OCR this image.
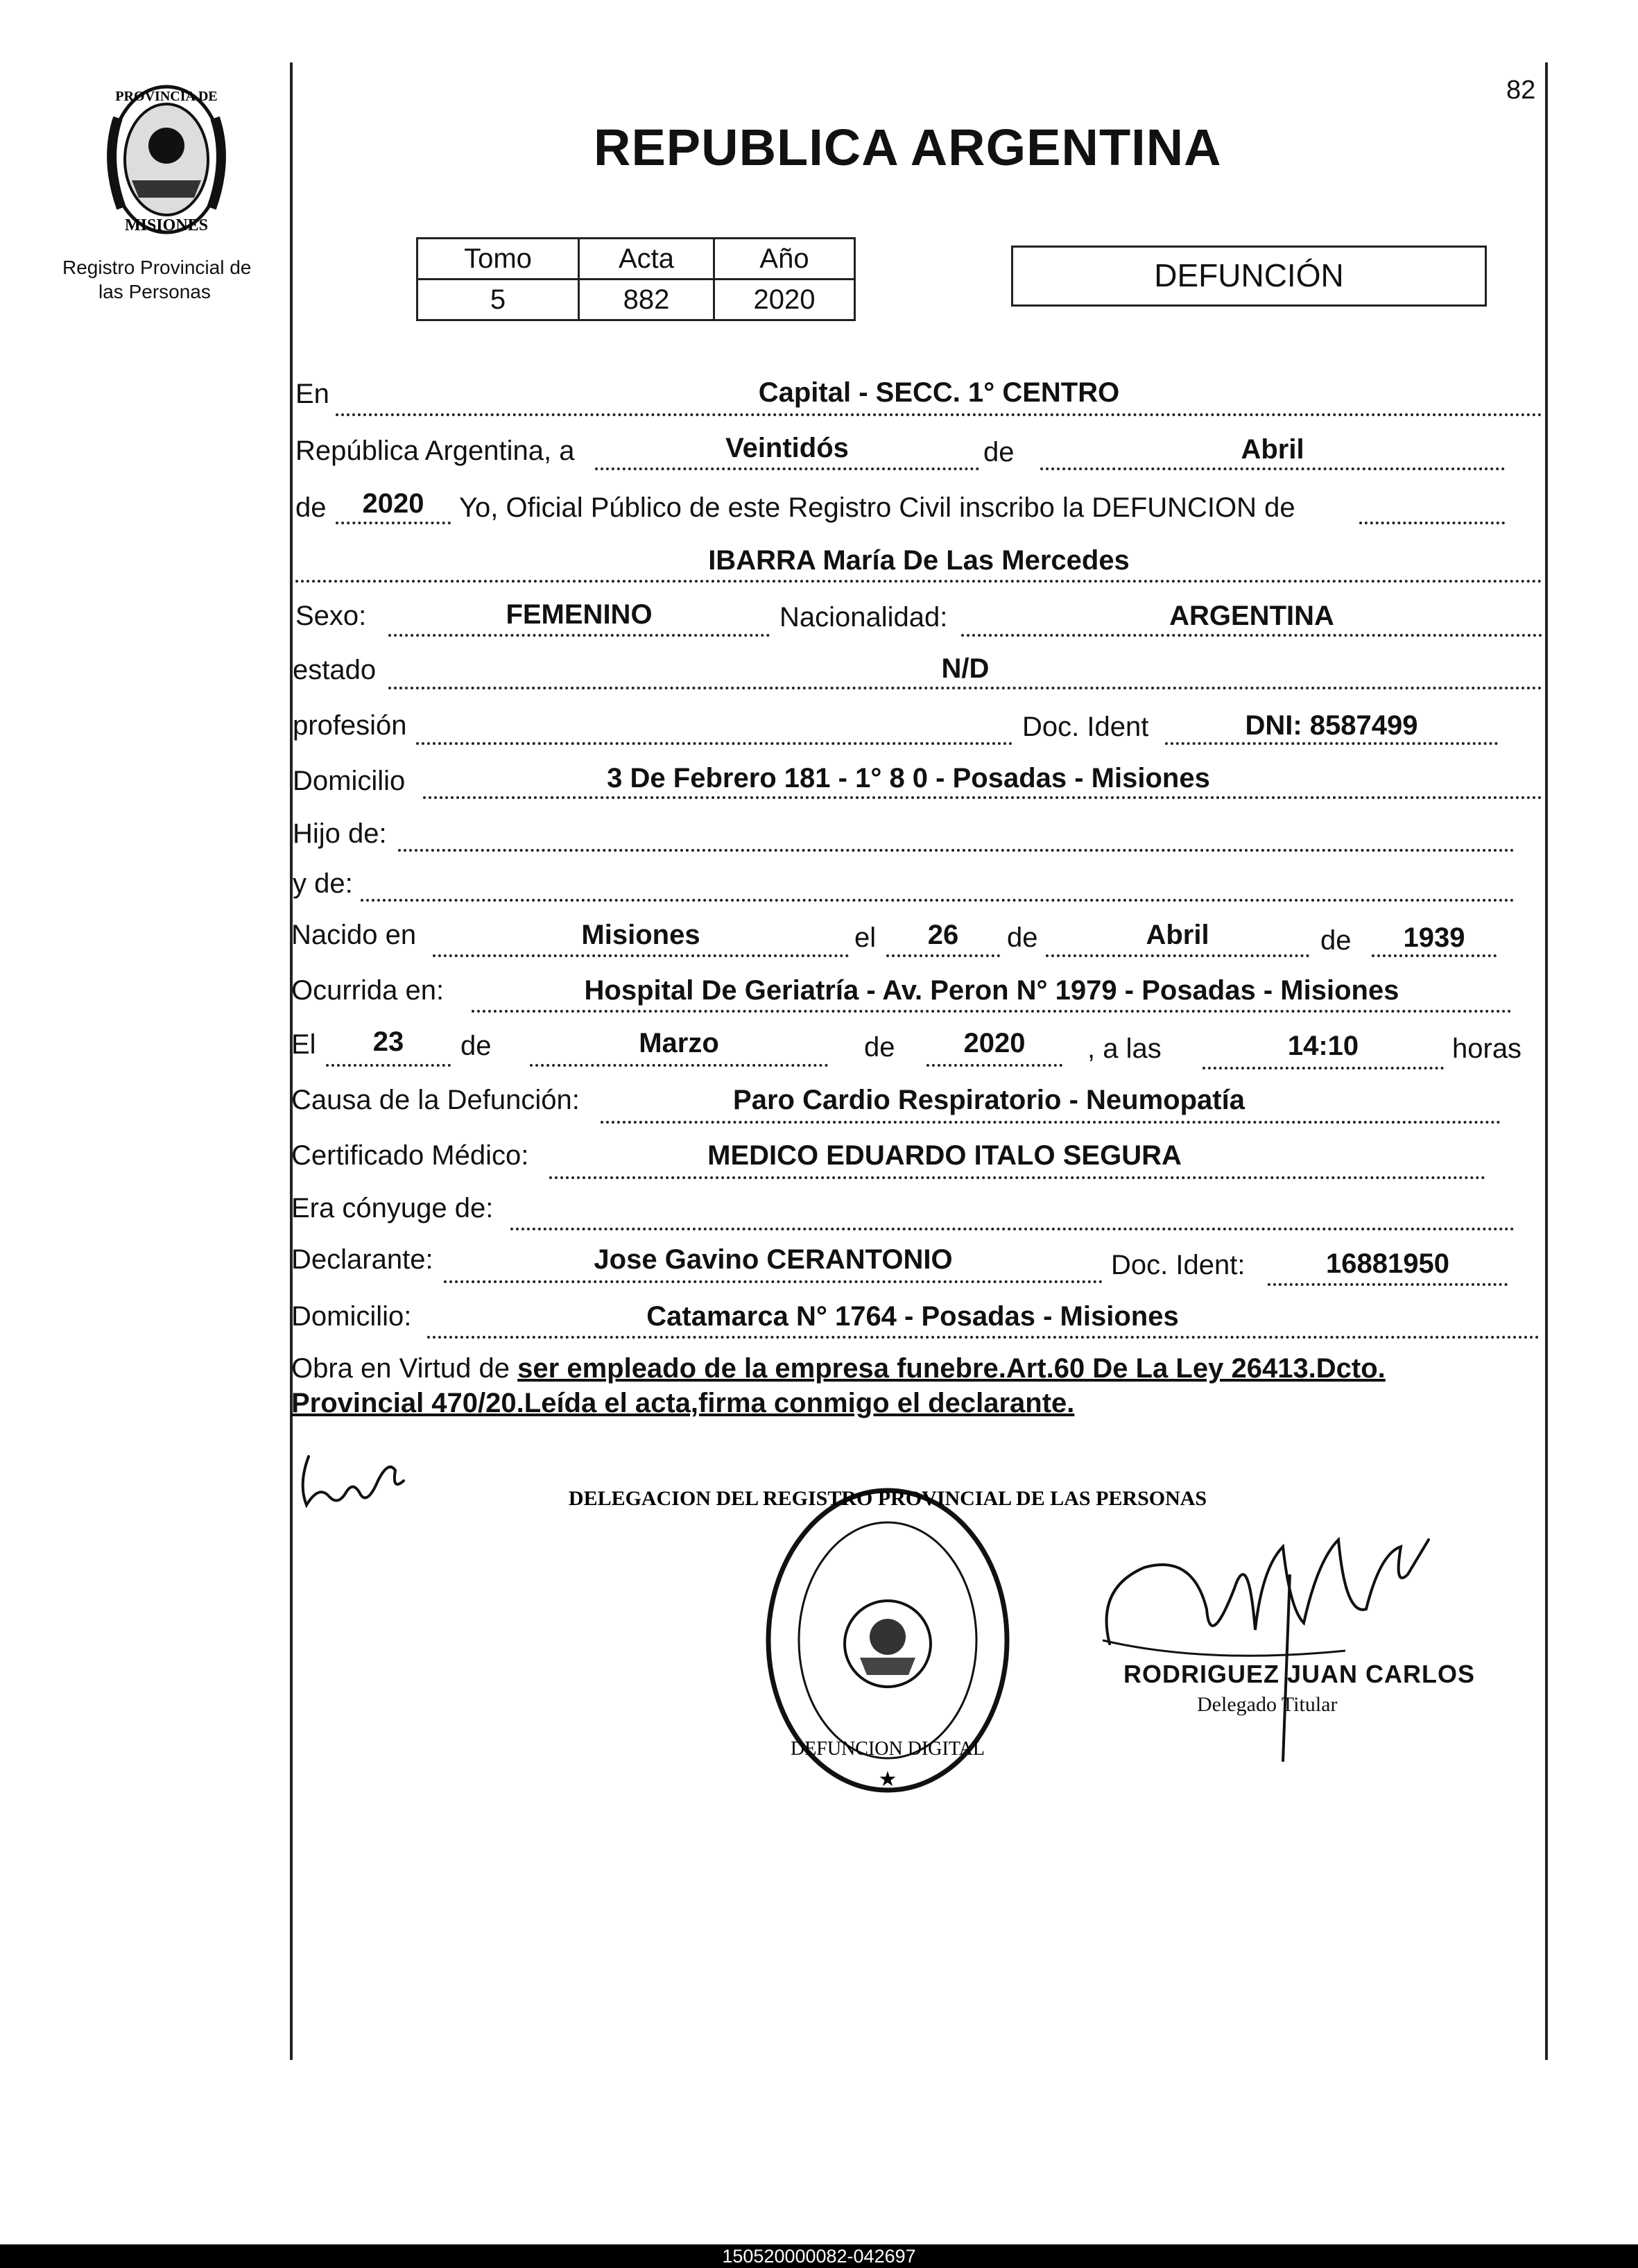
82
PROVINCIA DE
MISIONES
Registro Provincial de
las Personas
REPUBLICA ARGENTINA
Tomo	Acta	Año
5	882	2020
DEFUNCIÓN
En	Capital - SECC. 1° CENTRO
República Argentina, a	Veintidós	de	Abril
de	2020	Yo, Oficial Público de este Registro Civil inscribo la DEFUNCION de
IBARRA María De Las Mercedes
Sexo:	FEMENINO	Nacionalidad:	ARGENTINA
estado	N/D
profesión	Doc. Ident	DNI: 8587499
Domicilio	3 De Febrero 181 - 1° 8 0 - Posadas - Misiones
Hijo de:
y de:
Nacido en	Misiones	el	26	de	Abril	de	1939
Ocurrida en:	Hospital De Geriatría - Av. Peron N° 1979 - Posadas - Misiones
El	23	de	Marzo	de	2020	, a las	14:10	horas
Causa de la Defunción:	Paro Cardio Respiratorio - Neumopatía
Certificado Médico:	MEDICO EDUARDO ITALO SEGURA
Era cónyuge de:
Declarante:	Jose Gavino CERANTONIO	Doc. Ident:	16881950
Domicilio:	Catamarca N° 1764 - Posadas - Misiones
Obra en Virtud de ser empleado de la empresa funebre.Art.60 De La Ley 26413.Dcto.
Provincial 470/20.Leída el acta,firma conmigo el declarante.
DELEGACION DEL REGISTRO PROVINCIAL DE LAS PERSONAS
DEFUNCION DIGITAL
★
RODRIGUEZ JUAN CARLOS
Delegado Titular
150520000082-042697
